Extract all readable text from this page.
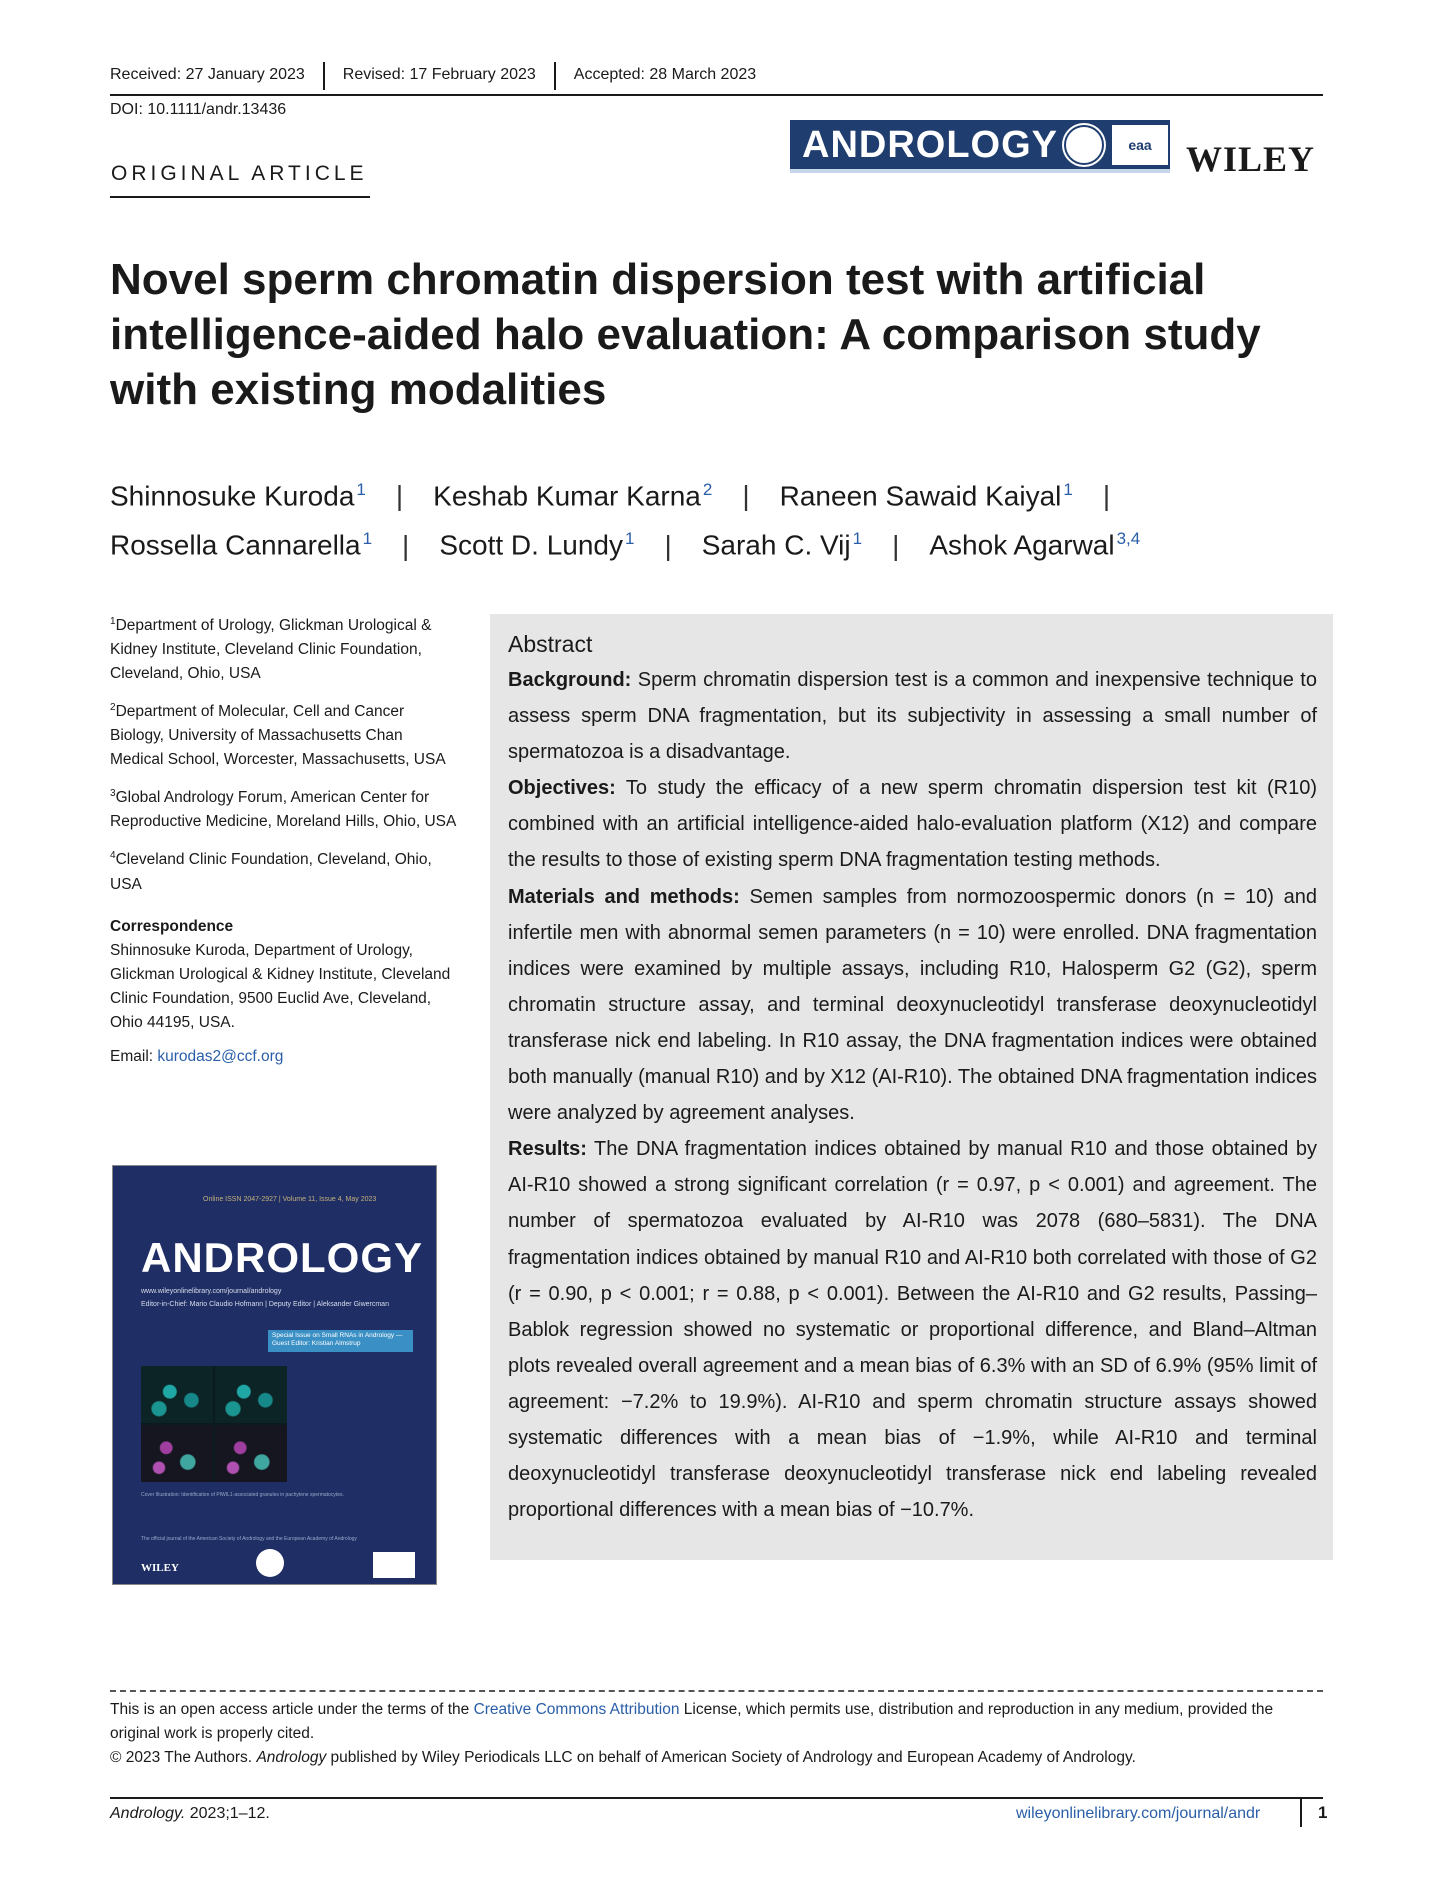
Received: 27 January 2023	Revised: 17 February 2023	Accepted: 28 March 2023
DOI: 10.1111/andr.13436
ORIGINAL ARTICLE
ANDROLOGY	eaa WILEY
Novel sperm chromatin dispersion test with artificial intelligence-aided halo evaluation: A comparison study with existing modalities
Shinnosuke Kuroda $^1$ | Keshab Kumar Karna $^2$ | Raneen Sawaid Kaiyal $^1$ |
Rossella Cannarella $^1$ | Scott D. Lundy $^1$ | Sarah C. Vij $^1$ | Ashok Agarwal $^{3,4}$

$^1$Department of Urology, Glickman Urological & Kidney Institute, Cleveland Clinic Foundation, Cleveland, Ohio, USA

$^2$Department of Molecular, Cell and Cancer Biology, University of Massachusetts Chan Medical School, Worcester, Massachusetts, USA

$^3$Global Andrology Forum, American Center for Reproductive Medicine, Moreland Hills, Ohio, USA

$^4$Cleveland Clinic Foundation, Cleveland, Ohio, USA

Correspondence

Shinnosuke Kuroda, Department of Urology, Glickman Urological & Kidney Institute, Cleveland Clinic Foundation, 9500 Euclid Ave, Cleveland, Ohio 44195, USA.

Email: kurodas2@ccf.org

Online ISSN 2047-2927 | Volume 11, Issue 4, May 2023
ANDROLOGY
www.wileyonlinelibrary.com/journal/andrology
Editor-in-Chief: Mario Claudio Hofmann | Deputy Editor | Aleksander Giwercman
Special Issue on Small RNAs in Andrology — Guest Editor: Kristian Almstrup
Cover Illustration: Identification of PIWIL1-associated granules in pachytene spermatocytes.
The official journal of the American Society of Andrology and the European Academy of Andrology
WILEY
Abstract

Background: Sperm chromatin dispersion test is a common and inexpensive technique to assess sperm DNA fragmentation, but its subjectivity in assessing a small number of spermatozoa is a disadvantage.

Objectives: To study the efficacy of a new sperm chromatin dispersion test kit (R10) combined with an artificial intelligence-aided halo-evaluation platform (X12) and compare the results to those of existing sperm DNA fragmentation testing methods.

Materials and methods: Semen samples from normozoospermic donors (n = 10) and infertile men with abnormal semen parameters (n = 10) were enrolled. DNA fragmentation indices were examined by multiple assays, including R10, Halosperm G2 (G2), sperm chromatin structure assay, and terminal deoxynucleotidyl transferase deoxynucleotidyl transferase nick end labeling. In R10 assay, the DNA fragmentation indices were obtained both manually (manual R10) and by X12 (AI-R10). The obtained DNA fragmentation indices were analyzed by agreement analyses.

Results: The DNA fragmentation indices obtained by manual R10 and those obtained by AI-R10 showed a strong significant correlation (r = 0.97, p < 0.001) and agreement. The number of spermatozoa evaluated by AI-R10 was 2078 (680–5831). The DNA fragmentation indices obtained by manual R10 and AI-R10 both correlated with those of G2 (r = 0.90, p < 0.001; r = 0.88, p < 0.001). Between the AI-R10 and G2 results, Passing–Bablok regression showed no systematic or proportional difference, and Bland–Altman plots revealed overall agreement and a mean bias of 6.3% with an SD of 6.9% (95% limit of agreement: −7.2% to 19.9%). AI-R10 and sperm chromatin structure assays showed systematic differences with a mean bias of −1.9%, while AI-R10 and terminal deoxynucleotidyl transferase deoxynucleotidyl transferase nick end labeling revealed proportional differences with a mean bias of −10.7%.

This is an open access article under the terms of the Creative Commons Attribution License, which permits use, distribution and reproduction in any medium, provided the original work is properly cited.

© 2023 The Authors. Andrology published by Wiley Periodicals LLC on behalf of American Society of Andrology and European Academy of Andrology.

Andrology. 2023;1–12.	wileyonlinelibrary.com/journal/andr	1
